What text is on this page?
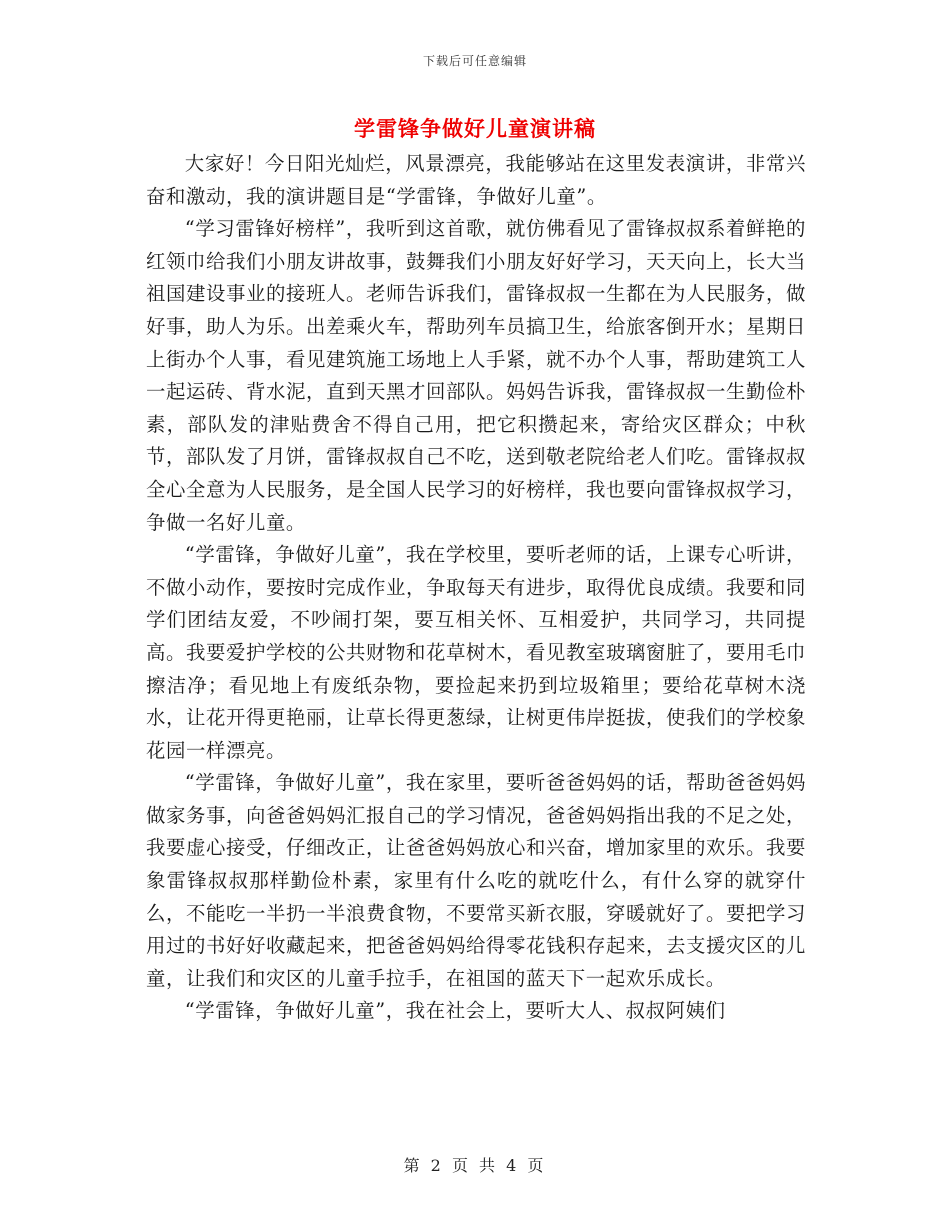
下载后可任意编辑
学雷锋争做好儿童演讲稿

大家好！今日阳光灿烂，风景漂亮，我能够站在这里发表演讲，非常兴奋和激动，我的演讲题目是“学雷锋，争做好儿童”。

“学习雷锋好榜样”，我听到这首歌，就仿佛看见了雷锋叔叔系着鲜艳的红领巾给我们小朋友讲故事，鼓舞我们小朋友好好学习，天天向上，长大当祖国建设事业的接班人。老师告诉我们，雷锋叔叔一生都在为人民服务，做好事，助人为乐。出差乘火车，帮助列车员搞卫生，给旅客倒开水；星期日上街办个人事，看见建筑施工场地上人手紧，就不办个人事，帮助建筑工人一起运砖、背水泥，直到天黑才回部队。妈妈告诉我，雷锋叔叔一生勤俭朴素，部队发的津贴费舍不得自己用，把它积攒起来，寄给灾区群众；中秋节，部队发了月饼，雷锋叔叔自己不吃，送到敬老院给老人们吃。雷锋叔叔全心全意为人民服务，是全国人民学习的好榜样，我也要向雷锋叔叔学习，争做一名好儿童。

“学雷锋，争做好儿童”，我在学校里，要听老师的话，上课专心听讲，不做小动作，要按时完成作业，争取每天有进步，取得优良成绩。我要和同学们团结友爱，不吵闹打架，要互相关怀、互相爱护，共同学习，共同提高。我要爱护学校的公共财物和花草树木，看见教室玻璃窗脏了，要用毛巾擦洁净；看见地上有废纸杂物，要捡起来扔到垃圾箱里；要给花草树木浇水，让花开得更艳丽，让草长得更葱绿，让树更伟岸挺拔，使我们的学校象花园一样漂亮。

“学雷锋，争做好儿童”，我在家里，要听爸爸妈妈的话，帮助爸爸妈妈做家务事，向爸爸妈妈汇报自己的学习情况，爸爸妈妈指出我的不足之处，我要虚心接受，仔细改正，让爸爸妈妈放心和兴奋，增加家里的欢乐。我要象雷锋叔叔那样勤俭朴素，家里有什么吃的就吃什么，有什么穿的就穿什么，不能吃一半扔一半浪费食物，不要常买新衣服，穿暖就好了。要把学习用过的书好好收藏起来，把爸爸妈妈给得零花钱积存起来，去支援灾区的儿童，让我们和灾区的儿童手拉手，在祖国的蓝天下一起欢乐成长。

“学雷锋，争做好儿童”，我在社会上，要听大人、叔叔阿姨们

第 2 页 共 4 页
